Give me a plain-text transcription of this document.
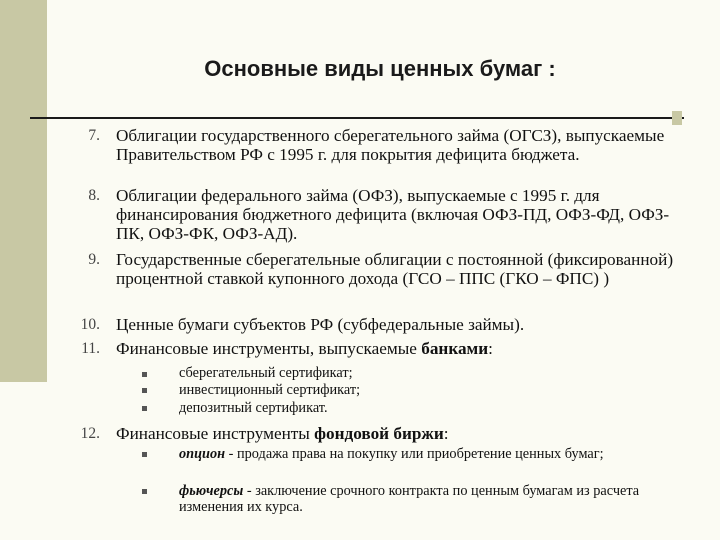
Основные виды ценных бумаг :
7. Облигации государственного сберегательного займа (ОГСЗ), выпускаемые Правительством РФ с 1995 г. для покрытия дефицита бюджета.
8. Облигации федерального займа (ОФЗ), выпускаемые с 1995 г. для финансирования бюджетного дефицита (включая ОФЗ-ПД, ОФЗ-ФД, ОФЗ-ПК, ОФЗ-ФК, ОФЗ-АД).
9. Государственные сберегательные облигации с постоянной (фиксированной) процентной ставкой купонного дохода (ГСО – ППС (ГКО – ФПС) )
10. Ценные бумаги субъектов РФ (субфедеральные займы).
11. Финансовые инструменты, выпускаемые банками:
сберегательный сертификат;
инвестиционный сертификат;
депозитный сертификат.
12. Финансовые инструменты фондовой биржи:
опцион - продажа права на покупку или приобретение ценных бумаг;
фьючерсы - заключение срочного контракта по ценным бумагам из расчета изменения их курса.
